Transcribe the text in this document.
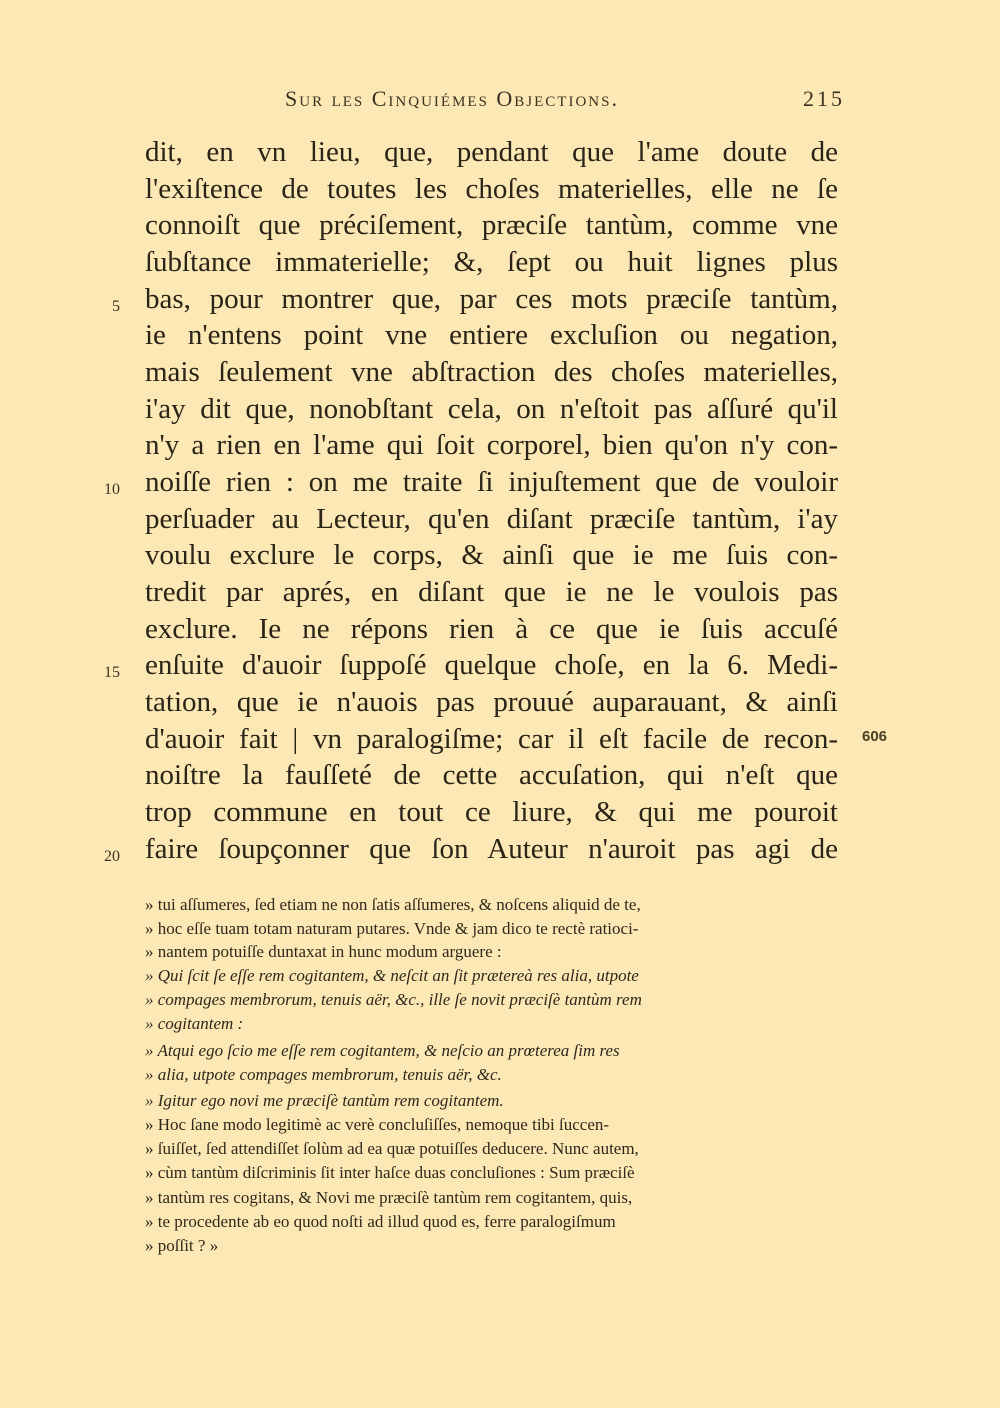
Sur les Cinquiémes Objections.	215
dit, en vn lieu, que, pendant que l'ame doute de
l'exiſtence de toutes les choſes materielles, elle ne ſe
connoiſt que préciſement, præciſe tantùm, comme vne
ſubſtance immaterielle; &, ſept ou huit lignes plus
bas, pour montrer que, par ces mots præciſe tantùm,
ie n'entens point vne entiere excluſion ou negation,
mais ſeulement vne abſtraction des choſes materielles,
i'ay dit que, nonobſtant cela, on n'eſtoit pas aſſuré qu'il
n'y a rien en l'ame qui ſoit corporel, bien qu'on n'y con-
noiſſe rien : on me traite ſi injuſtement que de vouloir
perſuader au Lecteur, qu'en diſant præciſe tantùm, i'ay
voulu exclure le corps, & ainſi que ie me ſuis con-
tredit par aprés, en diſant que ie ne le voulois pas
exclure. Ie ne répons rien à ce que ie ſuis accuſé
enſuite d'auoir ſuppoſé quelque choſe, en la 6. Medi-
tation, que ie n'auois pas prouué auparauant, & ainſi
d'auoir fait | vn paralogiſme; car il eſt facile de recon-
noiſtre la fauſſeté de cette accuſation, qui n'eſt que
trop commune en tout ce liure, & qui me pouroit
faire ſoupçonner que ſon Auteur n'auroit pas agi de
5
10
15
20
606
» tui aſſumeres, ſed etiam ne non ſatis aſſumeres, & noſcens aliquid de te,
» hoc eſſe tuam totam naturam putares. Vnde & jam dico te rectè ratioci-
» nantem potuiſſe duntaxat in hunc modum arguere :
» Qui ſcit ſe eſſe rem cogitantem, & neſcit an ſit prætereà res alia, utpote
» compages membrorum, tenuis aër, &c., ille ſe novit præciſè tantùm rem
» cogitantem :
» Atqui ego ſcio me eſſe rem cogitantem, & neſcio an prœterea ſim res
» alia, utpote compages membrorum, tenuis aër, &c.
» Igitur ego novi me præciſè tantùm rem cogitantem.
» Hoc ſane modo legitimè ac verè concluſiſſes, nemoque tibi ſuccen-
» ſuiſſet, ſed attendiſſet ſolùm ad ea quæ potuiſſes deducere. Nunc autem,
» cùm tantùm diſcriminis ſit inter haſce duas concluſiones : Sum præciſè
» tantùm res cogitans, & Novi me præciſè tantùm rem cogitantem, quis,
» te procedente ab eo quod noſti ad illud quod es, ferre paralogiſmum
» poſſit ? »
